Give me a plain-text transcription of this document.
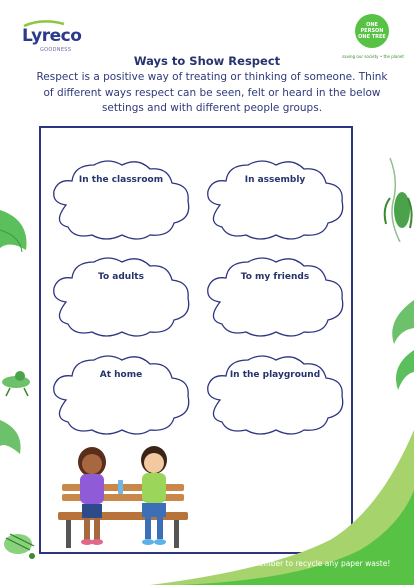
Lyreco
GOODNESS
ONE PERSON ONE TREE
saving our society • the planet
Ways to Show Respect
Respect is a positive way of treating or thinking of someone. Think of different ways respect can be seen, felt or heard in the below settings and with different people groups.
In the classroom	In assembly
To adults	To my friends
At home	In the playground
Remember to recycle any paper waste!
